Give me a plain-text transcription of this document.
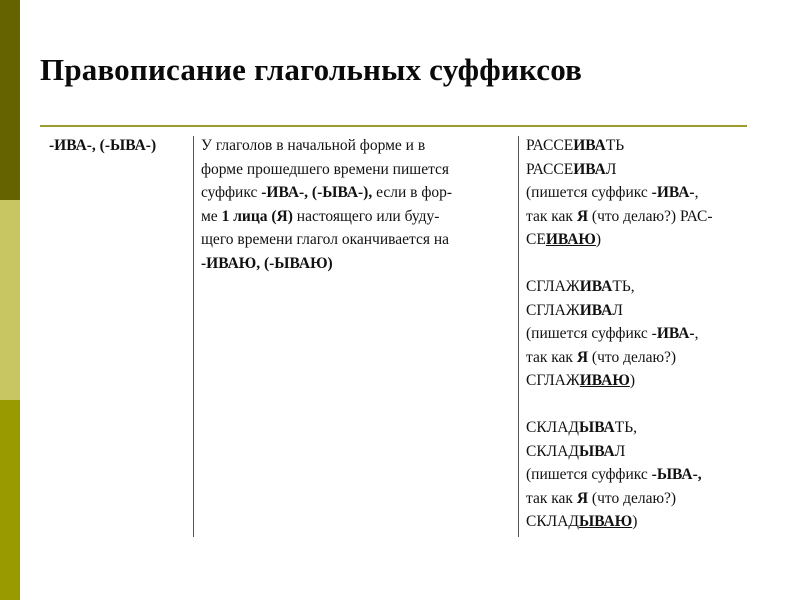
Правописание глагольных суффиксов
-ИВА-, (-ЫВА-)	У глаголов в начальной форме и в
форме прошедшего времени пишется
суффикс -ИВА-, (-ЫВА-), если в фор-
ме 1 лица (Я) настоящего или буду-
щего времени глагол оканчивается на
-ИВАЮ, (-ЫВАЮ)
РАССЕИВАТЬ
РАССЕИВАЛ
(пишется суффикс -ИВА-,
так как Я (что делаю?) РАС-
СЕИВАЮ)
СГЛАЖИВАТЬ,
СГЛАЖИВАЛ
(пишется суффикс -ИВА-,
так как Я (что делаю?)
СГЛАЖИВАЮ)
СКЛАДЫВАТЬ,
СКЛАДЫВАЛ
(пишется суффикс -ЫВА-,
так как Я (что делаю?)
СКЛАДЫВАЮ)
